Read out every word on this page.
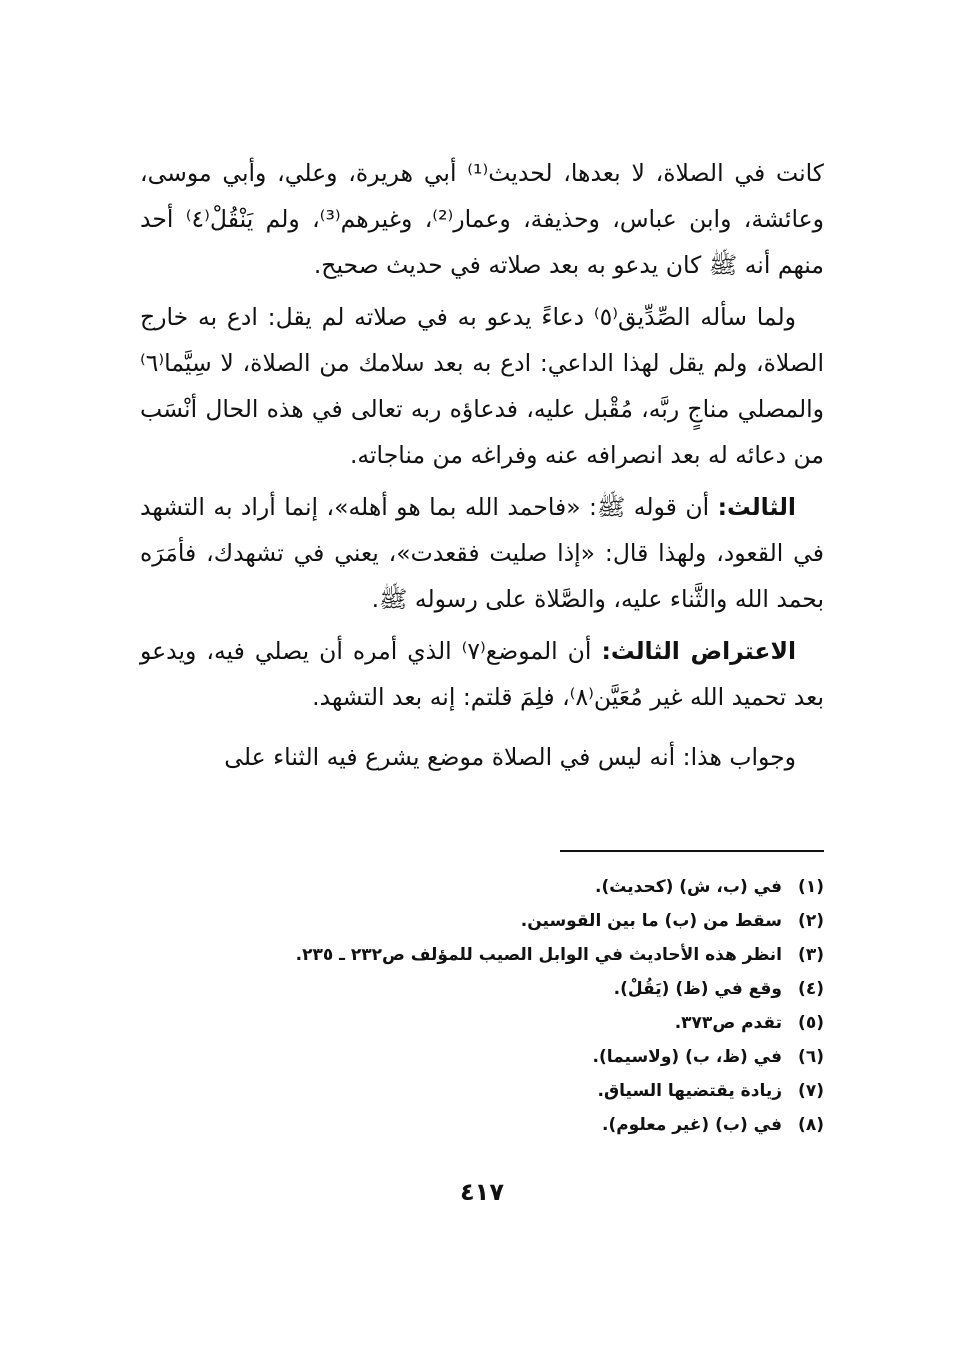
كانت في الصلاة، لا بعدها، لحديث⁽¹⁾ أبي هريرة، وعلي، وأبي موسى، وعائشة، وابن عباس، وحذيفة، وعمار⁽²⁾، وغيرهم⁽³⁾، ولم يَنْقُلْ⁽٤⁾ أحد منهم أنه ﷺ كان يدعو به بعد صلاته في حديث صحيح.

ولما سأله الصِّدِّيق⁽٥⁾ دعاءً يدعو به في صلاته لم يقل: ادع به خارج الصلاة، ولم يقل لهذا الداعي: ادع به بعد سلامك من الصلاة، لا سِيَّما⁽٦⁾ والمصلي مناجٍ ربَّه، مُقْبل عليه، فدعاؤه ربه تعالى في هذه الحال أنْسَب من دعائه له بعد انصرافه عنه وفراغه من مناجاته.

الثالث: أن قوله ﷺ: «فاحمد الله بما هو أهله»، إنما أراد به التشهد في القعود، ولهذا قال: «إذا صليت فقعدت»، يعني في تشهدك، فأمَرَه بحمد الله والثَّناء عليه، والصَّلاة على رسوله ﷺ.

الاعتراض الثالث: أن الموضع⁽٧⁾ الذي أمره أن يصلي فيه، ويدعو بعد تحميد الله غير مُعَيَّن⁽٨⁾، فلِمَ قلتم: إنه بعد التشهد.

وجواب هذا: أنه ليس في الصلاة موضع يشرع فيه الثناء على

(١)
في (ب، ش) (كحديث).
(٢)
سقط من (ب) ما بين القوسين.
(٣)
انظر هذه الأحاديث في الوابل الصيب للمؤلف ص٢٣٢ ـ ٢٣٥.
(٤)
وقع في (ظ) (يَقُلْ).
(٥)
تقدم ص٣٧٣.
(٦)
في (ظ، ب) (ولاسيما).
(٧)
زيادة يقتضيها السياق.
(٨)
في (ب) (غير معلوم).
٤١٧
